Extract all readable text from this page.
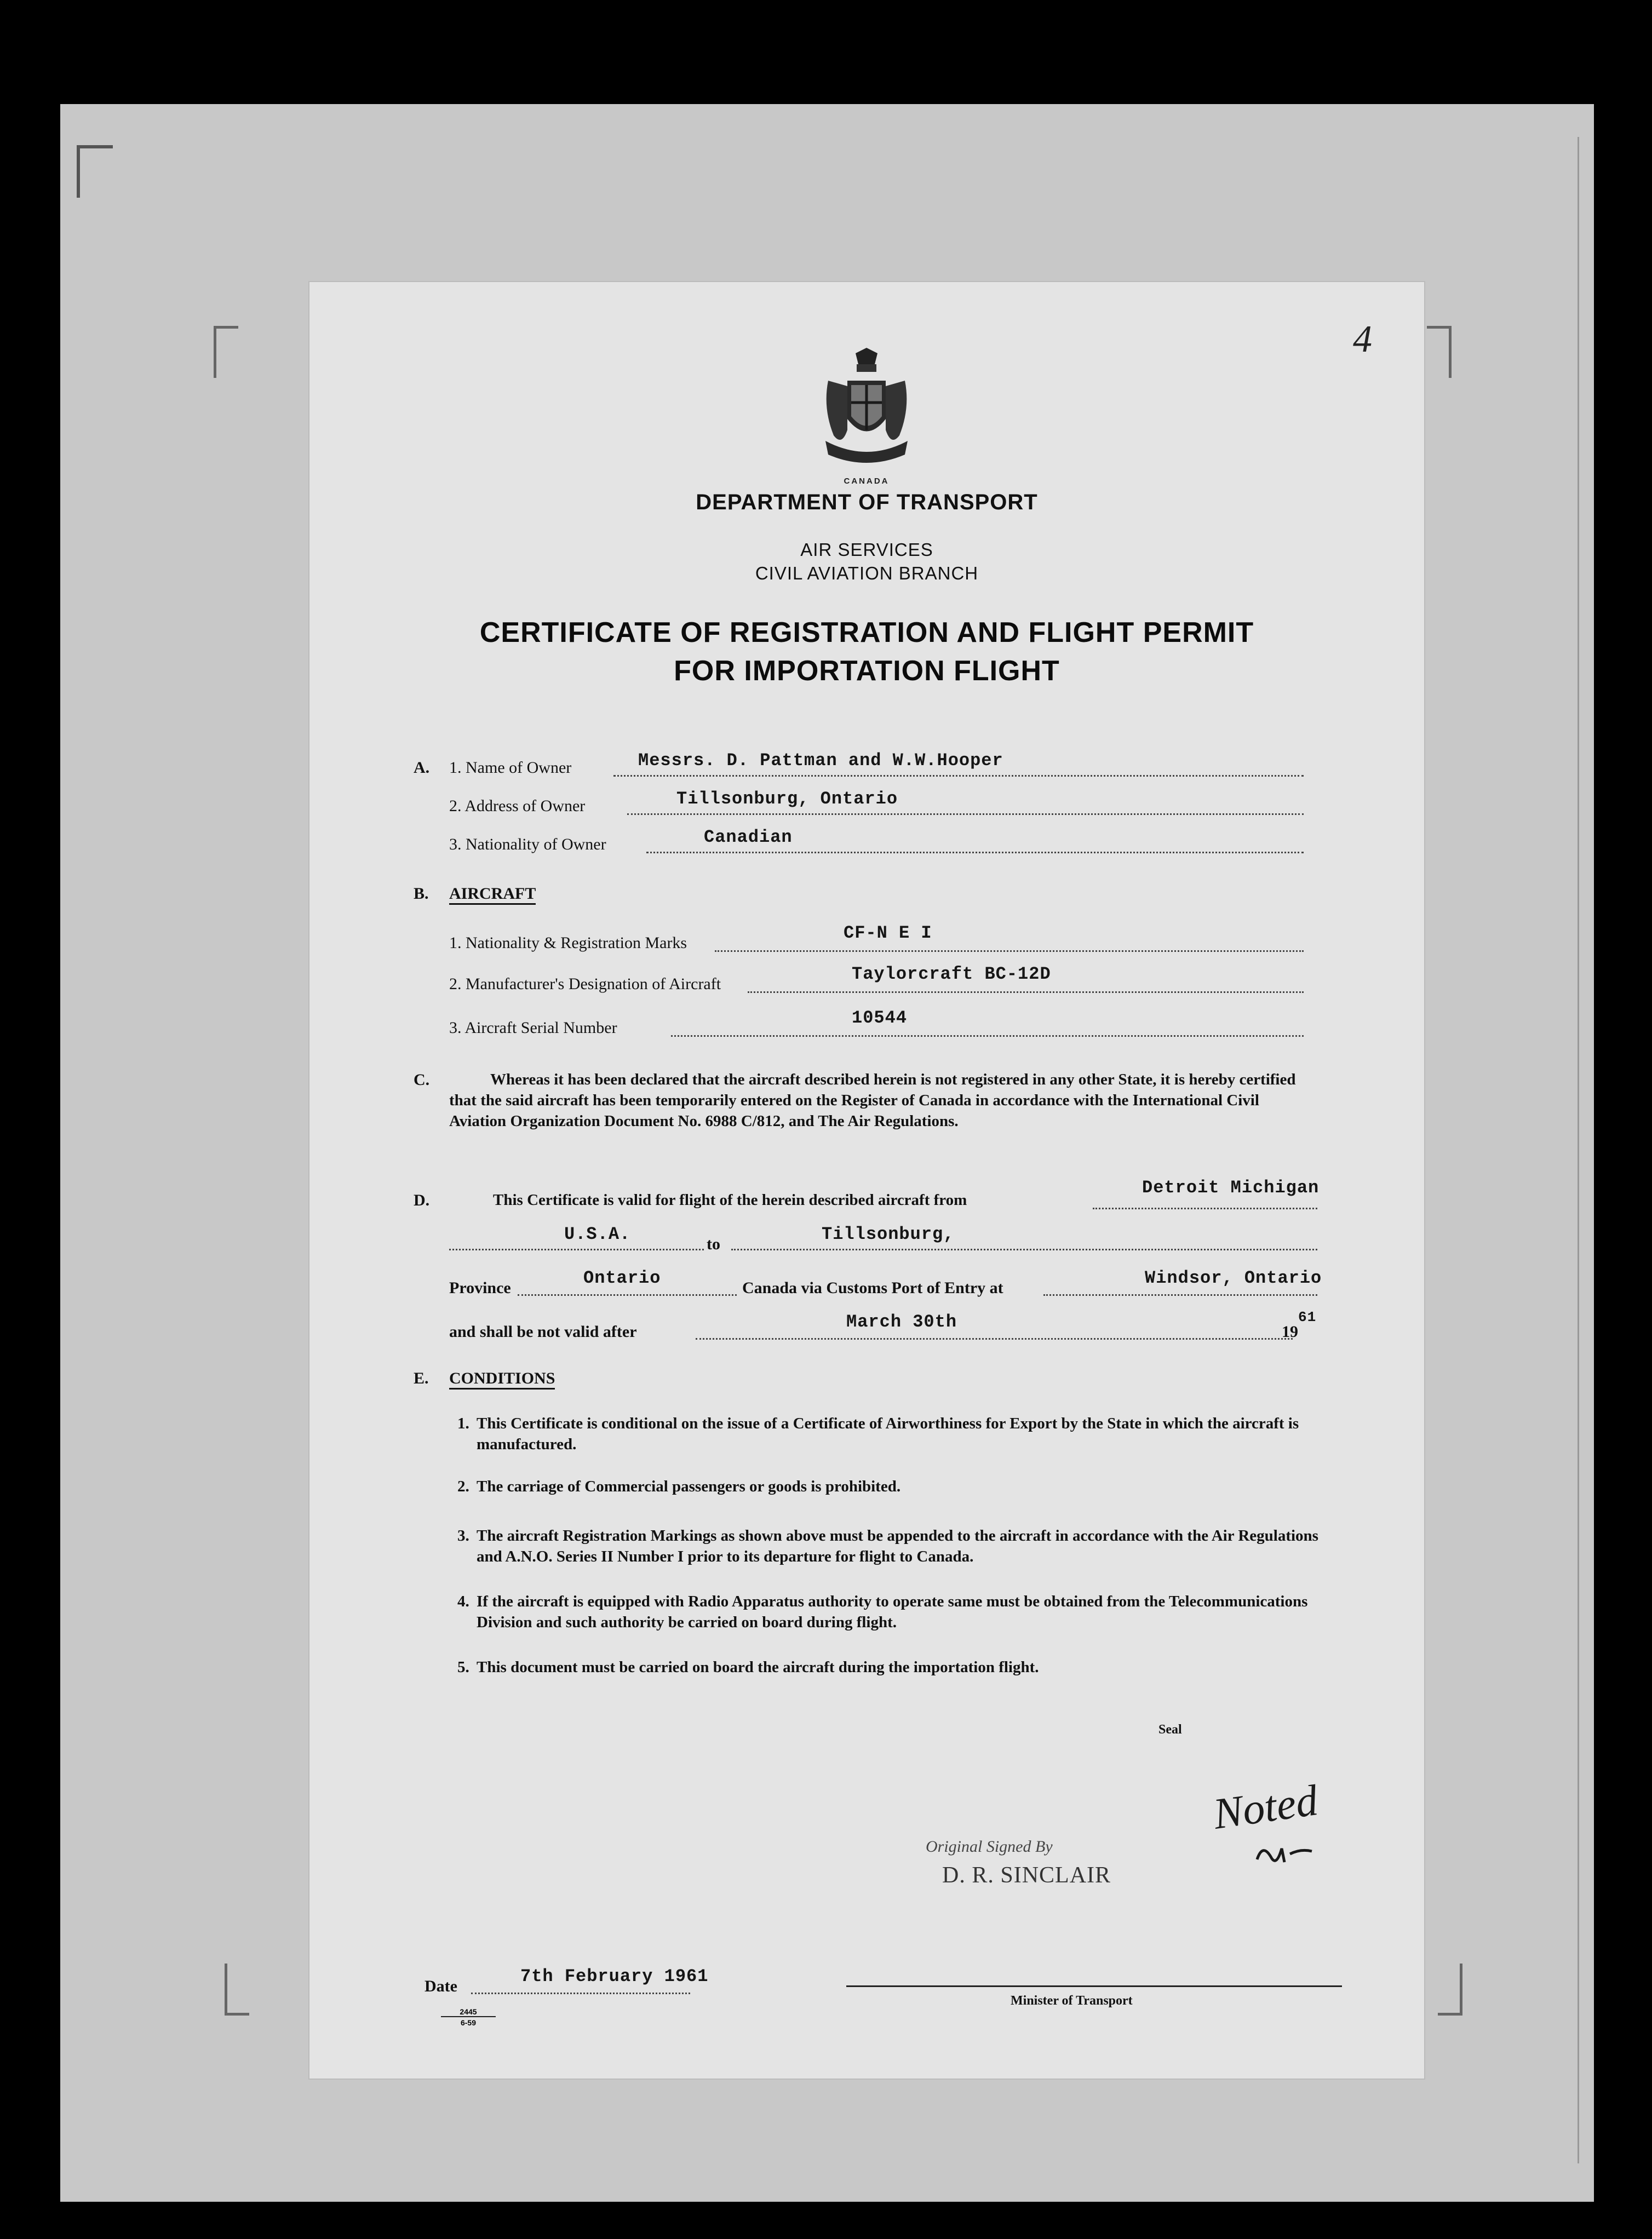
4
CANADA
DEPARTMENT OF TRANSPORT
AIR SERVICES
CIVIL AVIATION BRANCH
CERTIFICATE OF REGISTRATION AND FLIGHT PERMIT
FOR IMPORTATION FLIGHT
A. 1. Name of Owner	Messrs. D. Pattman and W.W.Hooper
2. Address of Owner	Tillsonburg, Ontario
3. Nationality of Owner	Canadian
B. AIRCRAFT
1. Nationality & Registration Marks	CF-N E I
2. Manufacturer's Designation of Aircraft	Taylorcraft BC-12D
3. Aircraft Serial Number	10544
C.	Whereas it has been declared that the aircraft described herein is not registered in any other State, it is hereby certified that the said aircraft has been temporarily entered on the Register of Canada in accordance with the International Civil Aviation Organization Document No. 6988 C/812, and The Air Regulations.
D.	This Certificate is valid for flight of the herein described aircraft from
Detroit Michigan
U.S.A.	to	Tillsonburg,
Province	Ontario	Canada via Customs Port of Entry at	Windsor, Ontario
and shall be not valid after	March 30th	19
61
E. CONDITIONS
1. This Certificate is conditional on the issue of a Certificate of Airworthiness for Export by the State in which the aircraft is manufactured.
2. The carriage of Commercial passengers or goods is prohibited.
3. The aircraft Registration Markings as shown above must be appended to the aircraft in accordance with the Air Regulations and A.N.O. Series II Number I prior to its departure for flight to Canada.
4. If the aircraft is equipped with Radio Apparatus authority to operate same must be obtained from the Telecommunications Division and such authority be carried on board during flight.
5. This document must be carried on board the aircraft during the importation flight.
Seal
Original Signed By
D. R. SINCLAIR
Noted
Date	7th February 1961
Minister of Transport
2445
6-59
